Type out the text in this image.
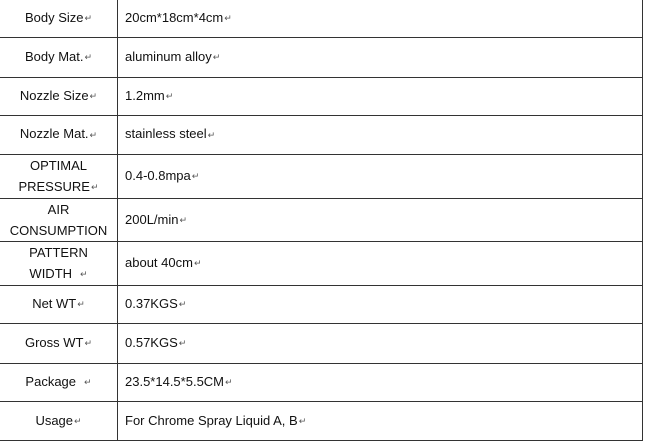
Body Size↵	20cm*18cm*4cm↵
Body Mat.↵	aluminum alloy↵
Nozzle Size↵	1.2mm↵
Nozzle Mat.↵	stainless steel↵
OPTIMAL
PRESSURE↵	0.4-0.8mpa↵
AIR
CONSUMPTION	200L/min↵
PATTERN
WIDTH ↵	about 40cm↵
Net WT↵	0.37KGS↵
Gross WT↵	0.57KGS↵
Package ↵	23.5*14.5*5.5CM↵
Usage↵	For Chrome Spray Liquid A, B↵
